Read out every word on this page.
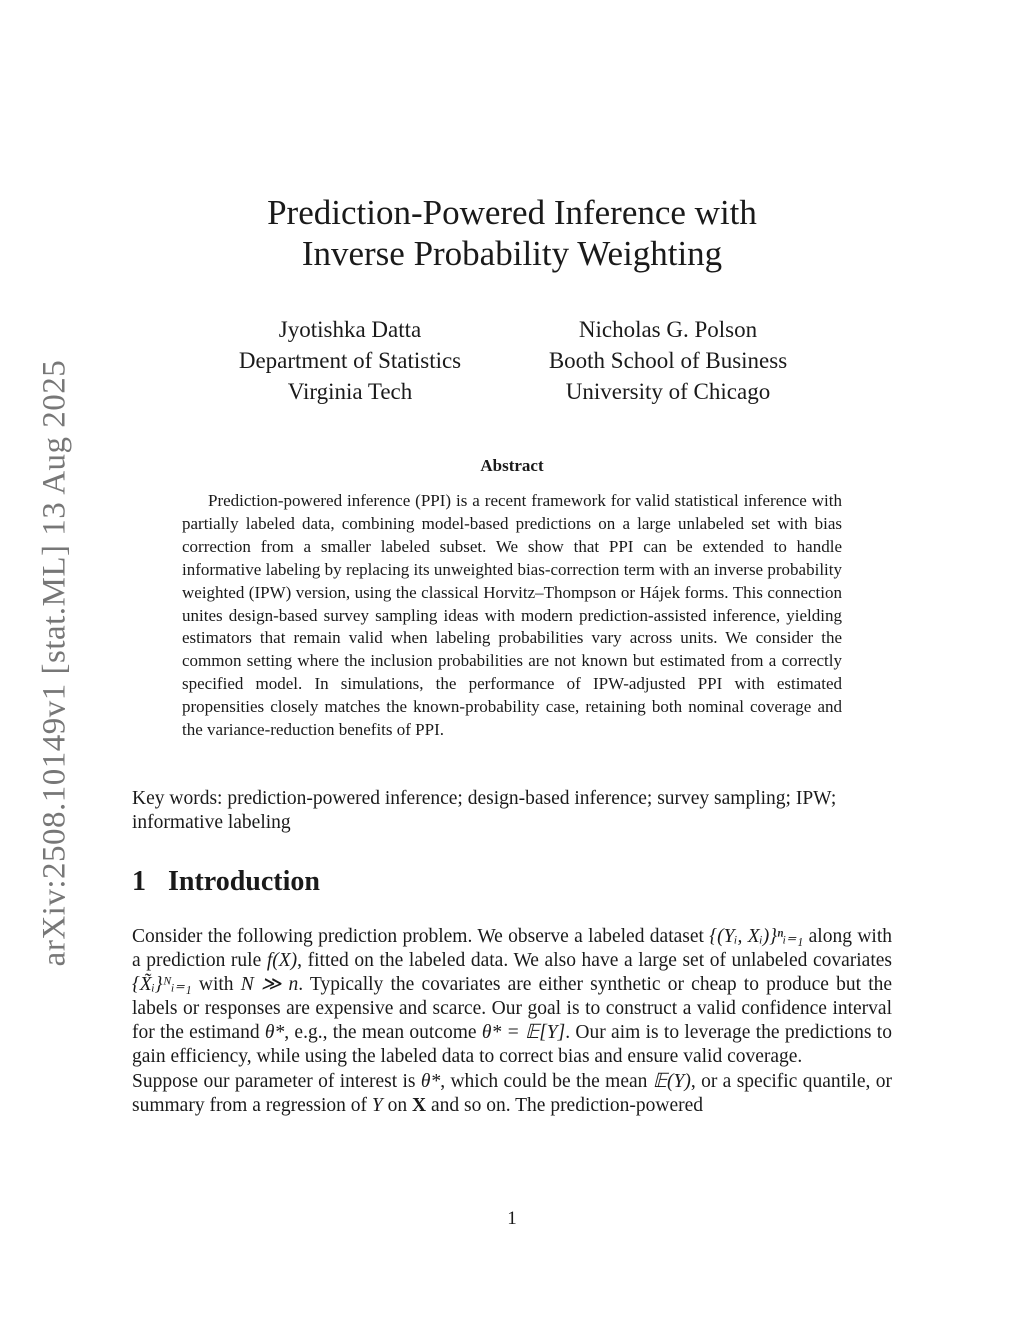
arXiv:2508.10149v1 [stat.ML] 13 Aug 2025
Prediction-Powered Inference with
Inverse Probability Weighting
Jyotishka Datta
Department of Statistics
Virginia Tech
Nicholas G. Polson
Booth School of Business
University of Chicago
Abstract
Prediction-powered inference (PPI) is a recent framework for valid statistical inference with partially labeled data, combining model-based predictions on a large unlabeled set with bias correction from a smaller labeled subset. We show that PPI can be extended to handle informative labeling by replacing its unweighted bias-correction term with an inverse probability weighted (IPW) version, using the classical Horvitz–Thompson or Hájek forms. This connection unites design-based survey sampling ideas with modern prediction-assisted inference, yielding estimators that remain valid when labeling probabilities vary across units. We consider the common setting where the inclusion probabilities are not known but estimated from a correctly specified model. In simulations, the performance of IPW-adjusted PPI with estimated propensities closely matches the known-probability case, retaining both nominal coverage and the variance-reduction benefits of PPI.
Key words: prediction-powered inference; design-based inference; survey sampling; IPW; informative labeling
1 Introduction

Consider the following prediction problem. We observe a labeled dataset {(Yᵢ, Xᵢ)}ⁿᵢ₌₁ along with a prediction rule f(X), fitted on the labeled data. We also have a large set of unlabeled covariates {X̃ᵢ}ᴺᵢ₌₁ with N ≫ n. Typically the covariates are either synthetic or cheap to produce but the labels or responses are expensive and scarce. Our goal is to construct a valid confidence interval for the estimand θ*, e.g., the mean outcome θ* = 𝔼[Y]. Our aim is to leverage the predictions to gain efficiency, while using the labeled data to correct bias and ensure valid coverage.

Suppose our parameter of interest is θ*, which could be the mean 𝔼(Y), or a specific quantile, or summary from a regression of Y on X and so on. The prediction-powered

1
